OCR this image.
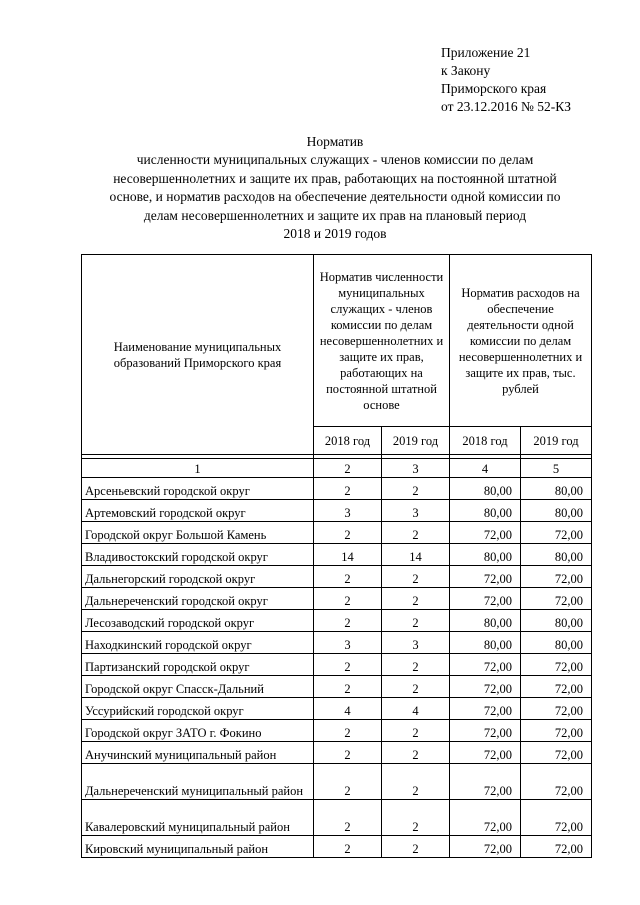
Приложение 21
к Закону
Приморского края
от 23.12.2016 № 52-КЗ
Норматив
численности муниципальных служащих - членов комиссии по делам
несовершеннолетних и защите их прав, работающих на постоянной штатной
основе, и норматив расходов на обеспечение деятельности одной комиссии по
делам несовершеннолетних и защите их прав на плановый период
2018 и 2019 годов
Наименование муниципальных образований Приморского края	Норматив численности муниципальных служащих - членов комиссии по делам несовершеннолетних и защите их прав, работающих на постоянной штатной основе		Норматив расходов на обеспечение деятельности одной комиссии по делам несовершеннолетних и защите их прав, тыс. рублей	
	2018 год	2019 год	2018 год	2019 год

1	2	3	4	5
Арсеньевский городской округ	2	2	80,00	80,00
Артемовский городской округ	3	3	80,00	80,00
Городской округ Большой Камень	2	2	72,00	72,00
Владивостокский городской округ	14	14	80,00	80,00
Дальнегорский городской округ	2	2	72,00	72,00
Дальнереченский городской округ	2	2	72,00	72,00
Лесозаводский городской округ	2	2	80,00	80,00
Находкинский городской округ	3	3	80,00	80,00
Партизанский городской округ	2	2	72,00	72,00
Городской округ Спасск-Дальний	2	2	72,00	72,00
Уссурийский городской округ	4	4	72,00	72,00
Городской округ ЗАТО г. Фокино	2	2	72,00	72,00
Анучинский муниципальный район	2	2	72,00	72,00
Дальнереченский муниципальный район	2	2	72,00	72,00
Кавалеровский муниципальный район	2	2	72,00	72,00
Кировский муниципальный район	2	2	72,00	72,00
